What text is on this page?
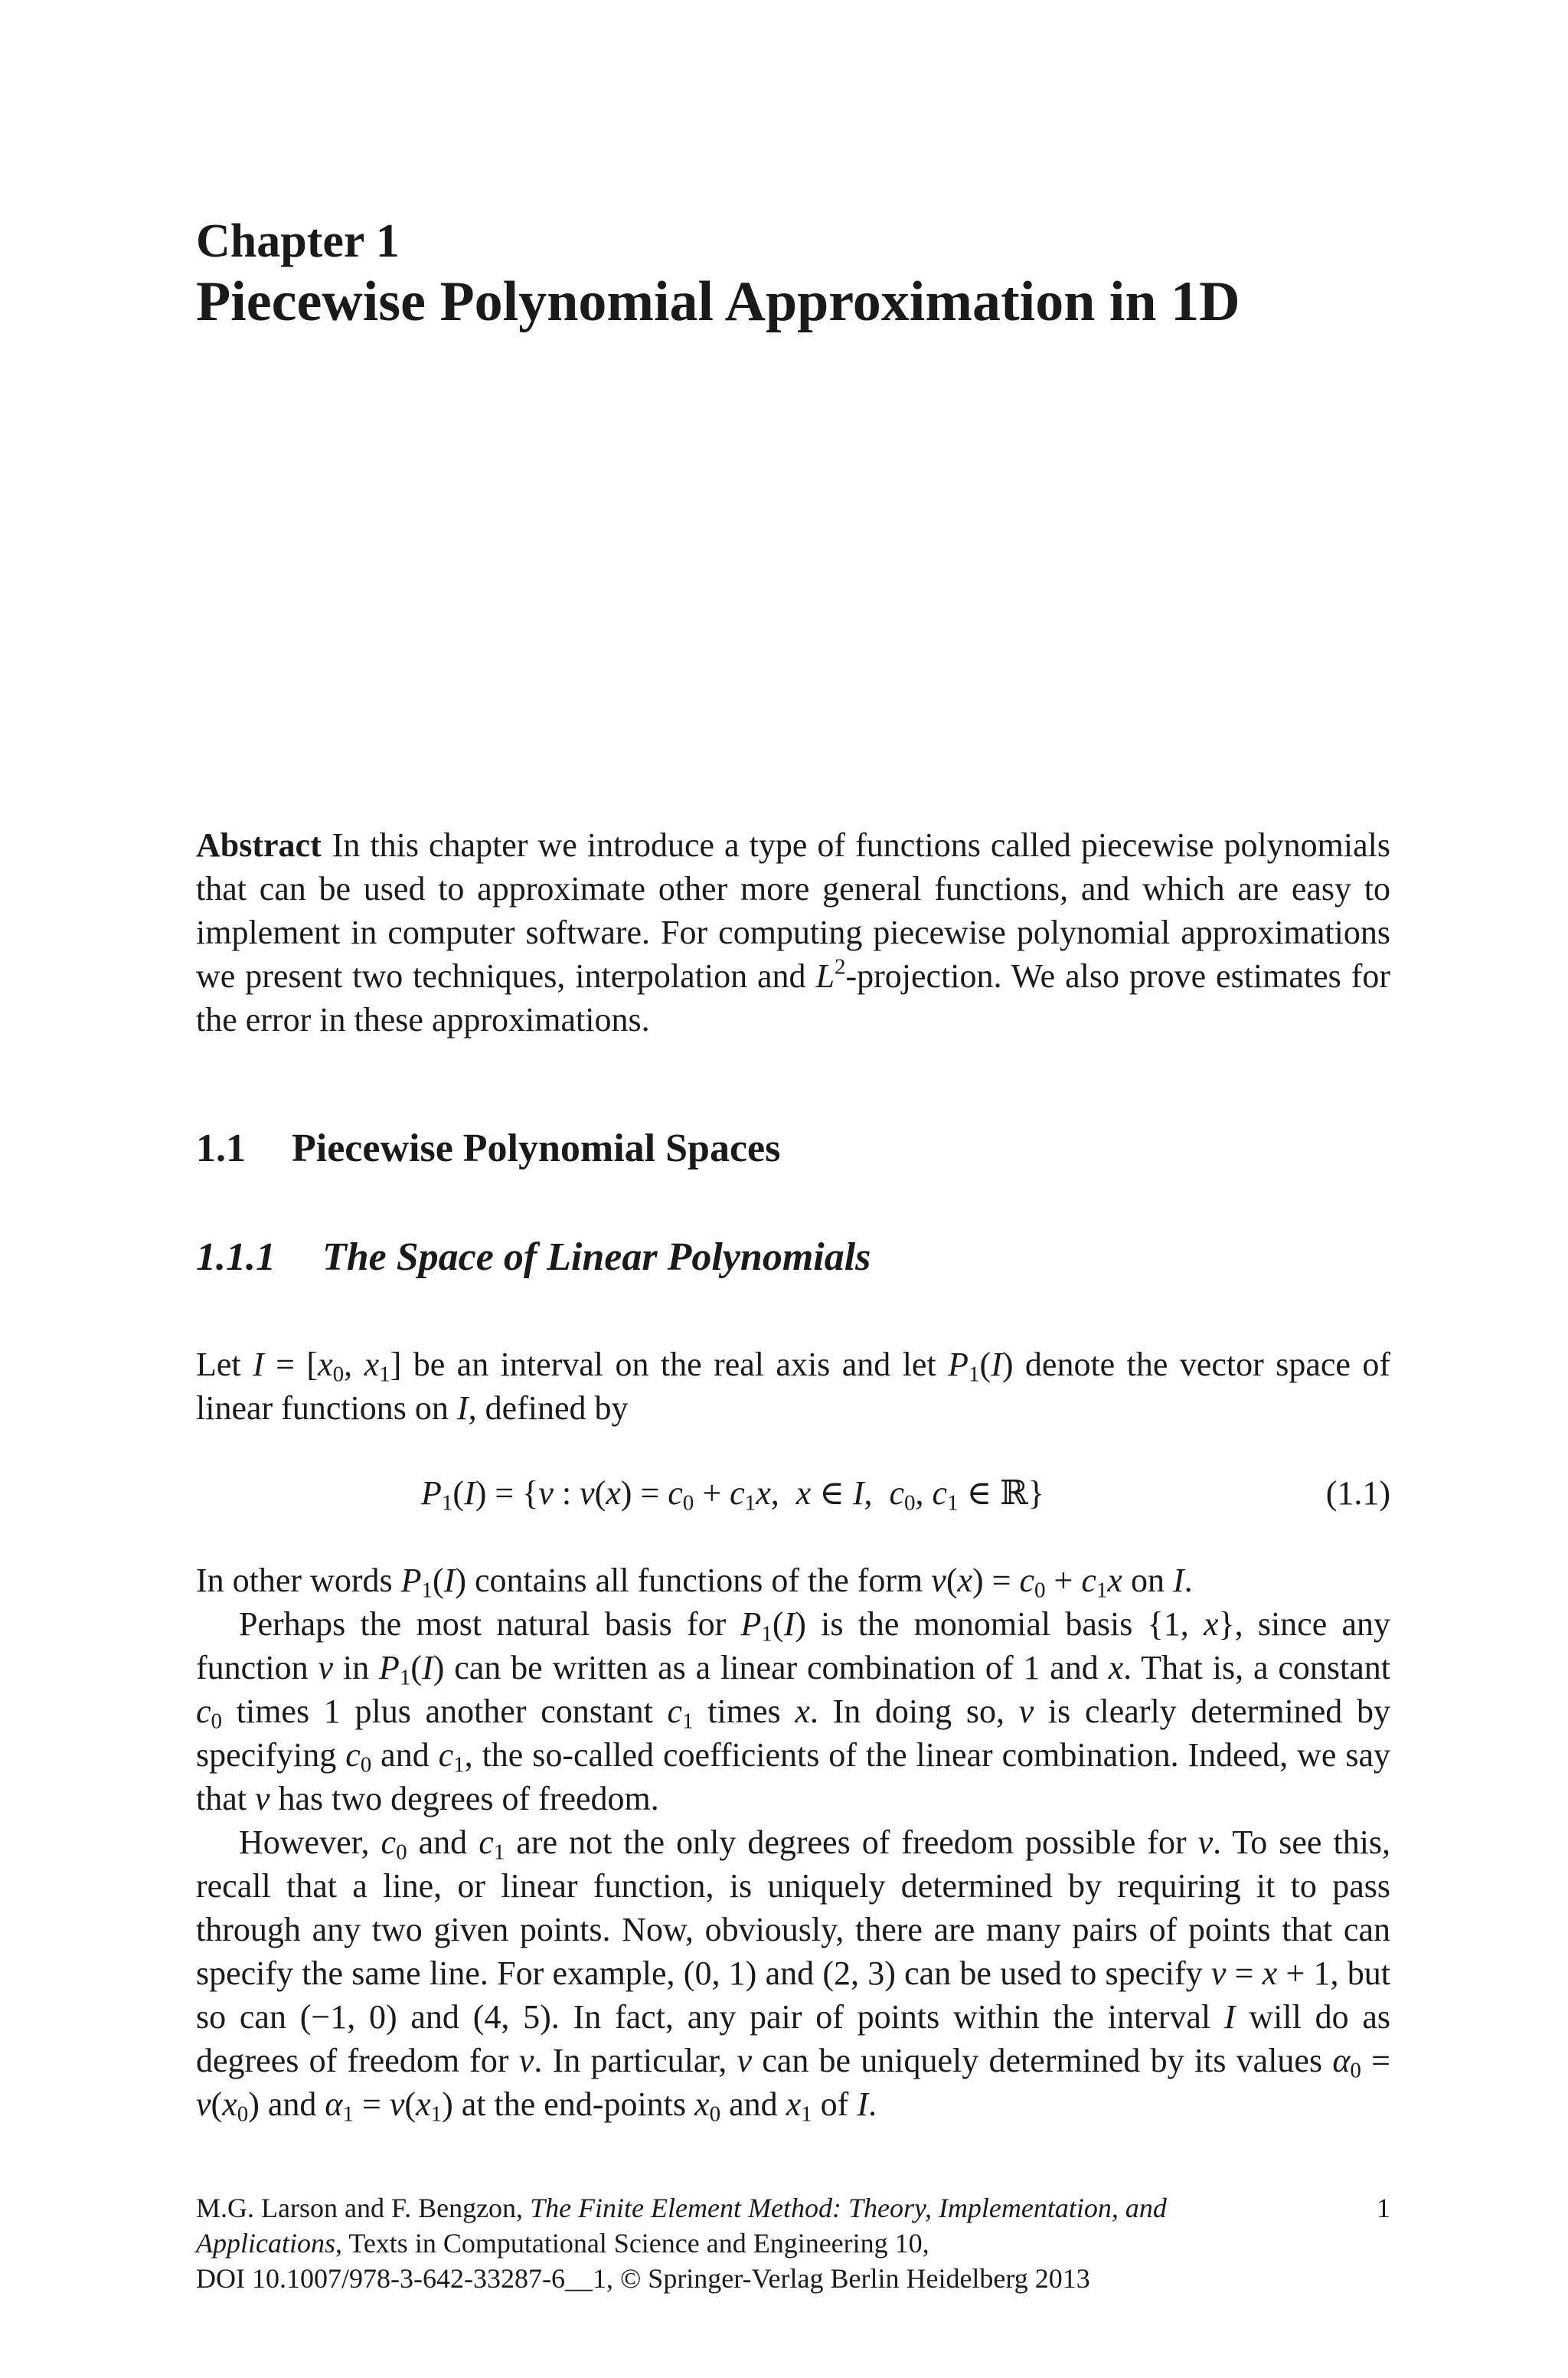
Chapter 1
Piecewise Polynomial Approximation in 1D
Abstract In this chapter we introduce a type of functions called piecewise polynomials that can be used to approximate other more general functions, and which are easy to implement in computer software. For computing piecewise polynomial approximations we present two techniques, interpolation and $L^2$-projection. We also prove estimates for the error in these approximations.
1.1 Piecewise Polynomial Spaces
1.1.1 The Space of Linear Polynomials
Let $I = [x_0$, $x_1$] be an interval on the real axis and let $P_1(I)$ denote the vector space of linear functions on I, defined by
$P_1(I) = \{v$ : $v(x) = c_0 + c_1x$,  x ∈ I,  $c_0$, $c_1$ ∈ ℝ}	(1.1)

In other words $P_1(I)$ contains all functions of the form $v(x) = c_0 + c_1x$ on I.

Perhaps the most natural basis for $P_1(I)$ is the monomial basis {1, x}, since any function v in $P_1(I)$ can be written as a linear combination of 1 and x. That is, a constant $c_0$ times 1 plus another constant $c_1$ times x. In doing so, v is clearly determined by specifying $c_0$ and $c_1$, the so-called coefficients of the linear combination. Indeed, we say that v has two degrees of freedom.

However, $c_0$ and $c_1$ are not the only degrees of freedom possible for v. To see this, recall that a line, or linear function, is uniquely determined by requiring it to pass through any two given points. Now, obviously, there are many pairs of points that can specify the same line. For example, (0, 1) and (2, 3) can be used to specify v = x + 1, but so can (−1, 0) and (4, 5). In fact, any pair of points within the interval I will do as degrees of freedom for v. In particular, v can be uniquely determined by its values $\alpha_0 = v(x_0)$ and $\alpha_1 = v(x_1)$ at the end-points $x_0$ and $x_1$ of I.

M.G. Larson and F. Bengzon, The Finite Element Method: Theory, Implementation, and Applications, Texts in Computational Science and Engineering 10,
DOI 10.1007/978-3-642-33287-6__1, © Springer-Verlag Berlin Heidelberg 2013
1
